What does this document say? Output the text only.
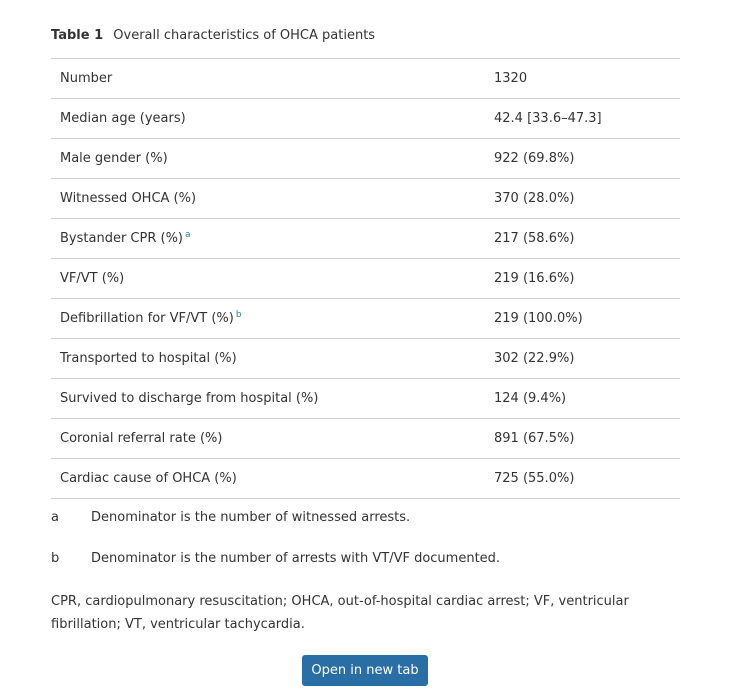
Table 1 Overall characteristics of OHCA patients
Number	1320
Median age (years)	42.4 [33.6–47.3]
Male gender (%)	922 (69.8%)
Witnessed OHCA (%)	370 (28.0%)
Bystander CPR (%) $^a$	217 (58.6%)
VF/VT (%)	219 (16.6%)
Defibrillation for VF/VT (%) $^b$	219 (100.0%)
Transported to hospital (%)	302 (22.9%)
Survived to discharge from hospital (%)	124 (9.4%)
Coronial referral rate (%)	891 (67.5%)
Cardiac cause of OHCA (%)	725 (55.0%)
a Denominator is the number of witnessed arrests.
b Denominator is the number of arrests with VT/VF documented.
CPR, cardiopulmonary resuscitation; OHCA, out-of-hospital cardiac arrest; VF, ventricular fibrillation; VT, ventricular tachycardia.
Open in new tab
